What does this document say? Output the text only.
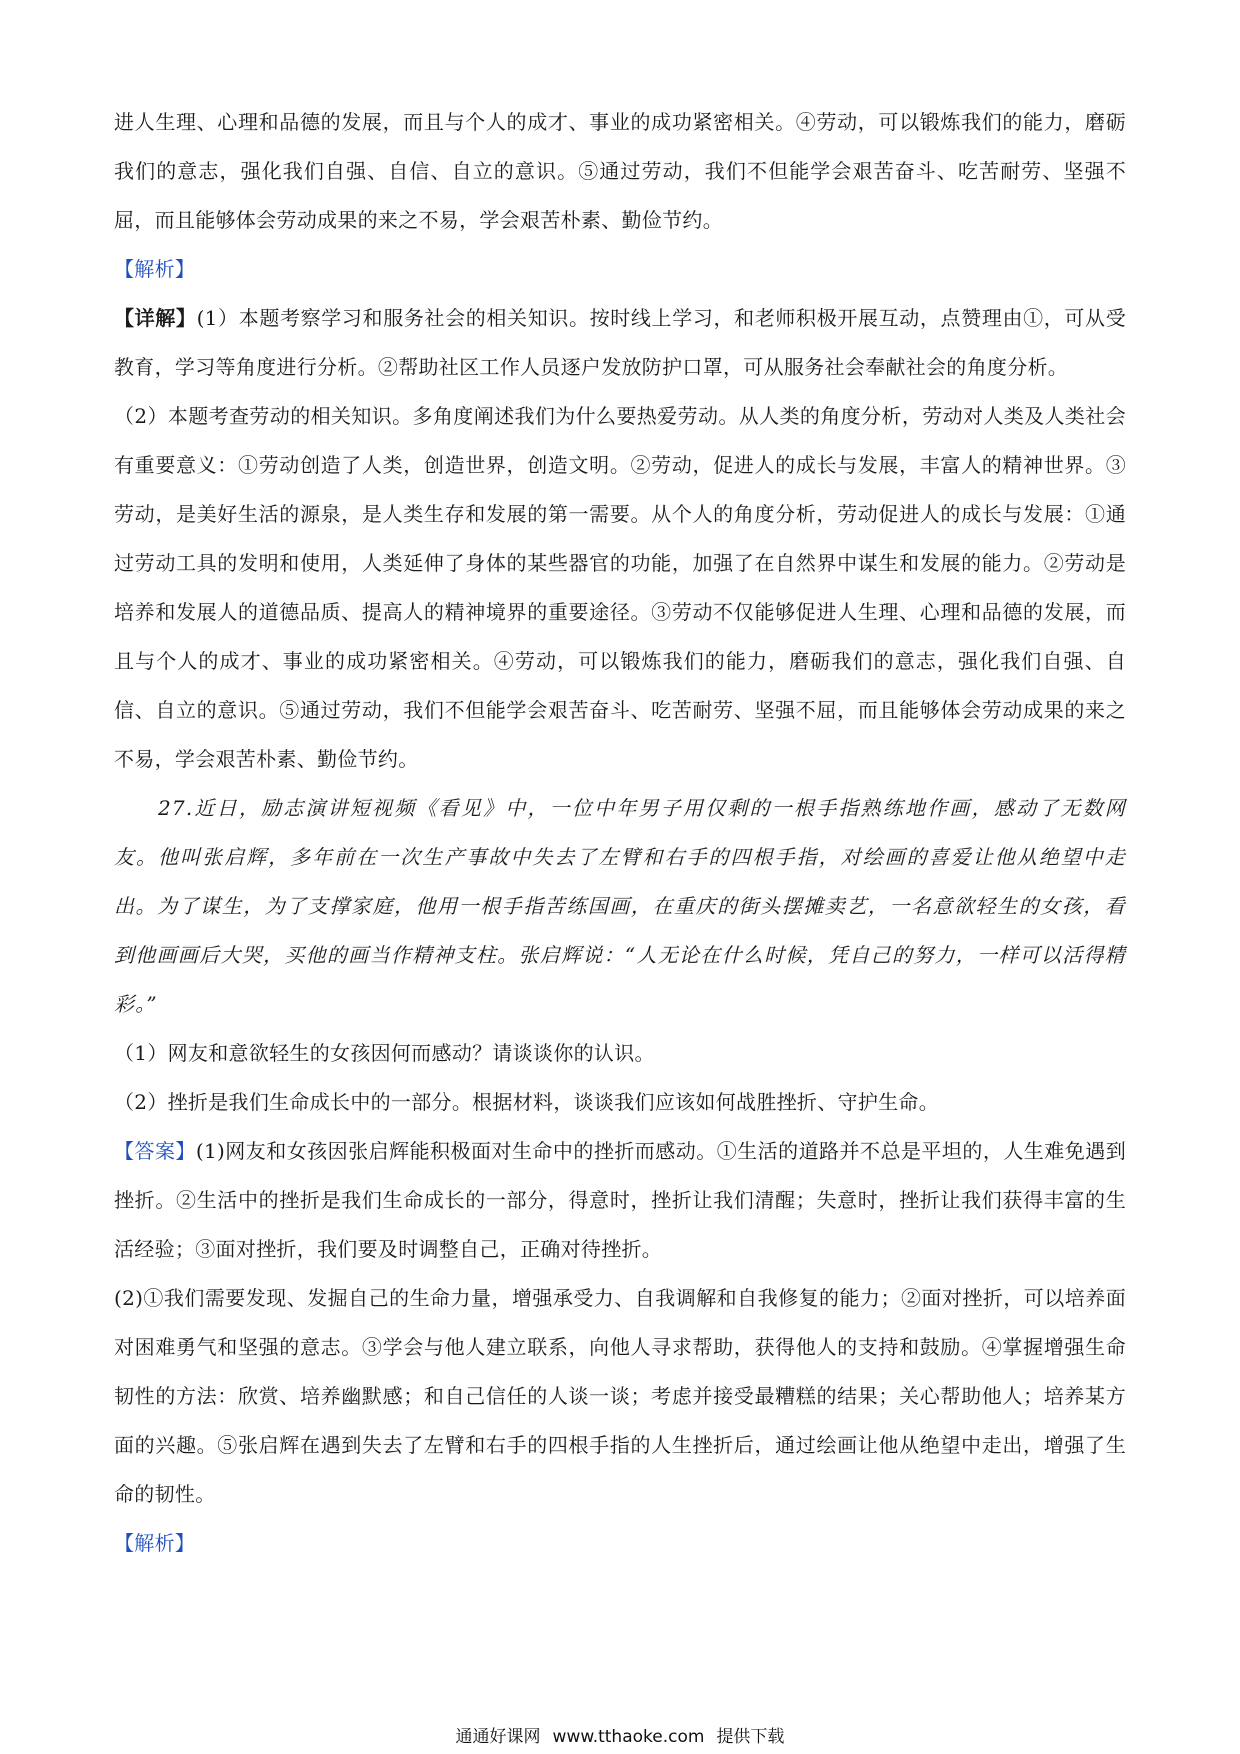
进人生理、心理和品德的发展，而且与个人的成才、事业的成功紧密相关。④劳动，可以锻炼我们的能力，磨砺我们的意志，强化我们自强、自信、自立的意识。⑤通过劳动，我们不但能学会艰苦奋斗、吃苦耐劳、坚强不屈，而且能够体会劳动成果的来之不易，学会艰苦朴素、勤俭节约。

【解析】

【详解】(1）本题考察学习和服务社会的相关知识。按时线上学习，和老师积极开展互动，点赞理由①，可从受教育，学习等角度进行分析。②帮助社区工作人员逐户发放防护口罩，可从服务社会奉献社会的角度分析。

（2）本题考查劳动的相关知识。多角度阐述我们为什么要热爱劳动。从人类的角度分析，劳动对人类及人类社会有重要意义：①劳动创造了人类，创造世界，创造文明。②劳动，促进人的成长与发展，丰富人的精神世界。③劳动，是美好生活的源泉，是人类生存和发展的第一需要。从个人的角度分析，劳动促进人的成长与发展：①通过劳动工具的发明和使用，人类延伸了身体的某些器官的功能，加强了在自然界中谋生和发展的能力。②劳动是培养和发展人的道德品质、提高人的精神境界的重要途径。③劳动不仅能够促进人生理、心理和品德的发展，而且与个人的成才、事业的成功紧密相关。④劳动，可以锻炼我们的能力，磨砺我们的意志，强化我们自强、自信、自立的意识。⑤通过劳动，我们不但能学会艰苦奋斗、吃苦耐劳、坚强不屈，而且能够体会劳动成果的来之不易，学会艰苦朴素、勤俭节约。

27.近日，励志演讲短视频《看见》中，一位中年男子用仅剩的一根手指熟练地作画，感动了无数网友。他叫张启辉，多年前在一次生产事故中失去了左臂和右手的四根手指，对绘画的喜爱让他从绝望中走出。为了谋生，为了支撑家庭，他用一根手指苦练国画，在重庆的街头摆摊卖艺，一名意欲轻生的女孩，看到他画画后大哭，买他的画当作精神支柱。张启辉说：“人无论在什么时候，凭自己的努力，一样可以活得精彩。”

（1）网友和意欲轻生的女孩因何而感动？请谈谈你的认识。

（2）挫折是我们生命成长中的一部分。根据材料，谈谈我们应该如何战胜挫折、守护生命。

【答案】(1)网友和女孩因张启辉能积极面对生命中的挫折而感动。①生活的道路并不总是平坦的，人生难免遇到挫折。②生活中的挫折是我们生命成长的一部分，得意时，挫折让我们清醒；失意时，挫折让我们获得丰富的生活经验；③面对挫折，我们要及时调整自己，正确对待挫折。

(2)①我们需要发现、发掘自己的生命力量，增强承受力、自我调解和自我修复的能力；②面对挫折，可以培养面对困难勇气和坚强的意志。③学会与他人建立联系，向他人寻求帮助，获得他人的支持和鼓励。④掌握增强生命韧性的方法：欣赏、培养幽默感；和自己信任的人谈一谈；考虑并接受最糟糕的结果；关心帮助他人；培养某方面的兴趣。⑤张启辉在遇到失去了左臂和右手的四根手指的人生挫折后，通过绘画让他从绝望中走出，增强了生命的韧性。

【解析】

通通好课网 www.tthaoke.com 提供下载
